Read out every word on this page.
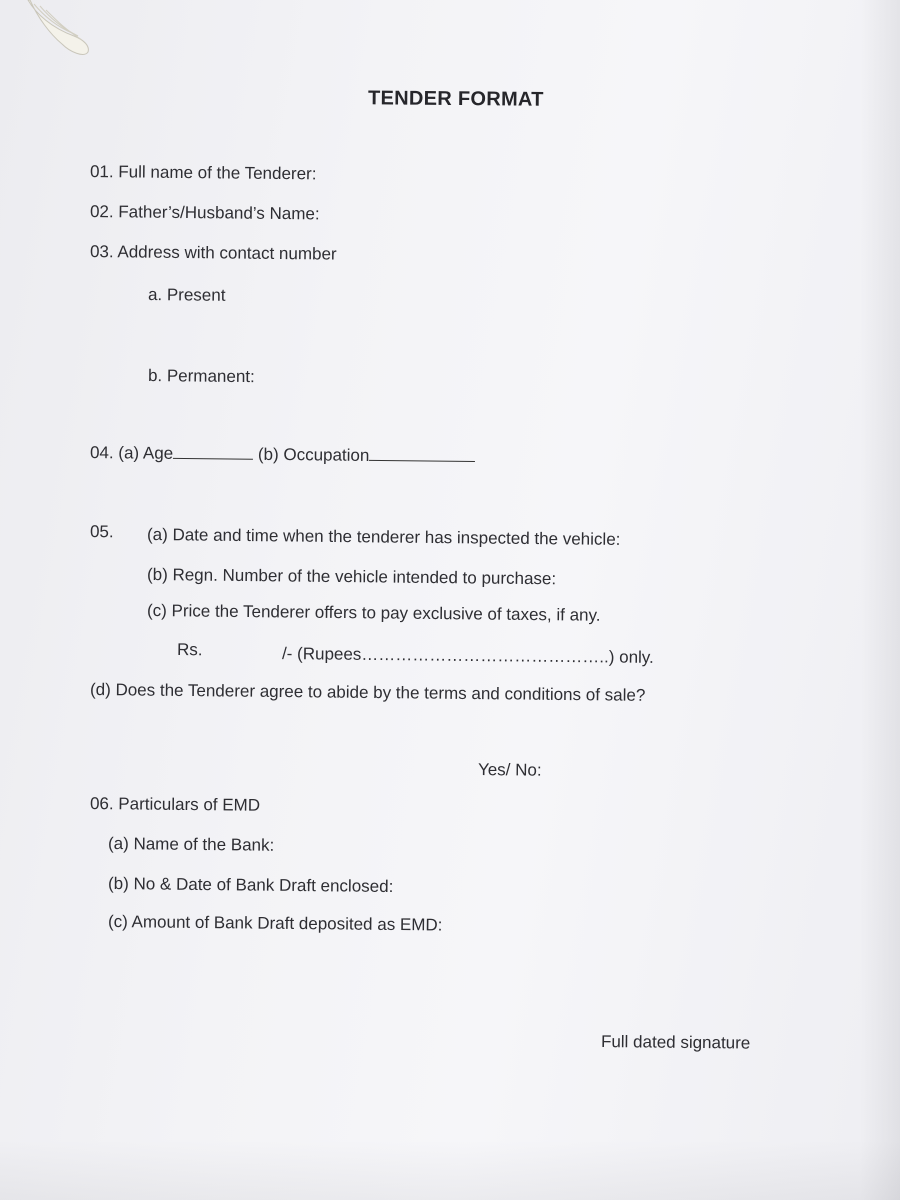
TENDER FORMAT
01. Full name of the Tenderer:
02. Father’s/Husband’s Name:
03. Address with contact number
a. Present
b. Permanent:
04. (a) Age	(b) Occupation
05. (a) Date and time when the tenderer has inspected the vehicle:
(b) Regn. Number of the vehicle intended to purchase:
(c) Price the Tenderer offers to pay exclusive of taxes, if any.
Rs.	/- (Rupees……………………………………..) only.
(d) Does the Tenderer agree to abide by the terms and conditions of sale?
Yes/ No:
06. Particulars of EMD
(a) Name of the Bank:
(b) No & Date of Bank Draft enclosed:
(c) Amount of Bank Draft deposited as EMD:
Full dated signature
